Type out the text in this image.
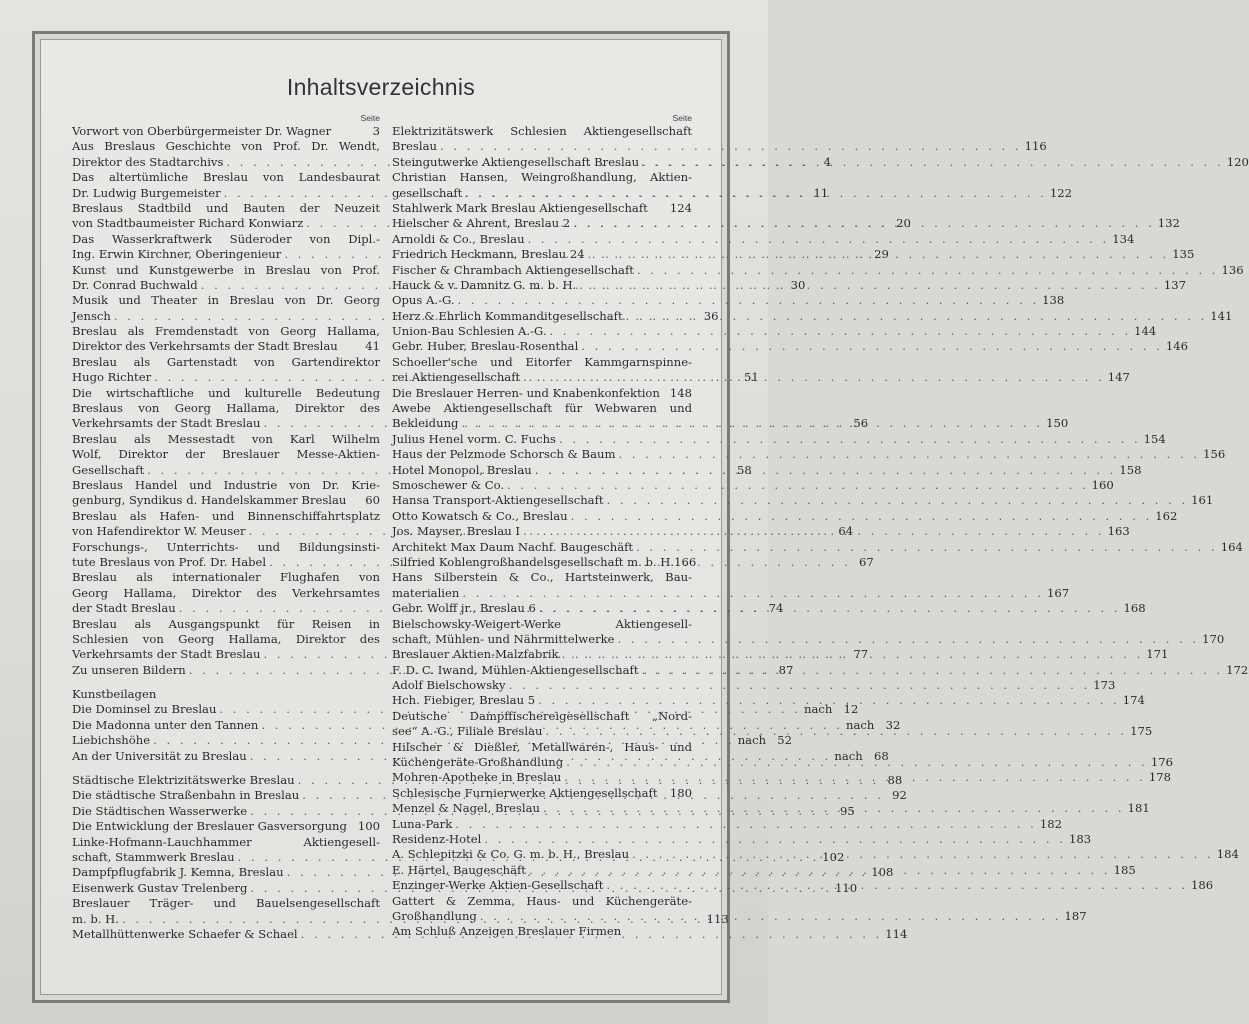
Inhaltsverzeichnis
Seite
Vorwort von Oberbürgermeister Dr. Wagner	3
Aus Breslaus Geschichte von Prof. Dr. Wendt,
Direktor des Stadtarchivs . . .	4
Das altertümliche Breslau von Landesbaurat
Dr. Ludwig Burgemeister . . .	11
Breslaus Stadtbild und Bauten der Neuzeit
von Stadtbaumeister Richard Konwiarz . . .	20
Das Wasserkraftwerk Süderoder von Dipl.-
Ing. Erwin Kirchner, Oberingenieur . . .	29
Kunst und Kunstgewerbe in Breslau von Prof.
Dr. Conrad Buchwald . . .	30
Musik und Theater in Breslau von Dr. Georg
Jensch . . .	36
Breslau als Fremdenstadt von Georg Hallama,
Direktor des Verkehrsamts der Stadt Breslau	41
Breslau als Gartenstadt von Gartendirektor
Hugo Richter . . .	51
Die wirtschaftliche und kulturelle Bedeutung
Breslaus von Georg Hallama, Direktor des
Verkehrsamts der Stadt Breslau . . .	56
Breslau als Messestadt von Karl Wilhelm
Wolf, Direktor der Breslauer Messe-Aktien-
Gesellschaft . . .	58
Breslaus Handel und Industrie von Dr. Krie-
genburg, Syndikus d. Handelskammer Breslau	60
Breslau als Hafen- und Binnenschiffahrtsplatz
von Hafendirektor W. Meuser . . .	64
Forschungs-, Unterrichts- und Bildungsinsti-
tute Breslaus von Prof. Dr. Habel . . .	67
Breslau als internationaler Flughafen von
Georg Hallama, Direktor des Verkehrsamtes
der Stadt Breslau . . .	74
Breslau als Ausgangspunkt für Reisen in
Schlesien von Georg Hallama, Direktor des
Verkehrsamts der Stadt Breslau . . .	77
Zu unseren Bildern . . .	87
Kunstbeilagen
Die Dominsel zu Breslau . . .	nach 12
Die Madonna unter den Tannen . . .	nach 32
Liebichshöhe . . .	nach 52
An der Universität zu Breslau . . .	nach 68
Städtische Elektrizitätswerke Breslau . . .	88
Die städtische Straßenbahn in Breslau . . .	92
Die Städtischen Wasserwerke . . .	95
Die Entwicklung der Breslauer Gasversorgung 100
Linke-Hofmann-Lauchhammer Aktiengesell-
schaft, Stammwerk Breslau . . .	102
Dampfpflugfabrik J. Kemna, Breslau . . .	108
Eisenwerk Gustav Trelenberg . . .	110
Breslauer Träger- und Bauelsengesellschaft
m. b. H. . . .	113
Metallhüttenwerke Schaefer & Schael . . .	114
Seite
Elektrizitätswerk Schlesien Aktiengesellschaft
Breslau . . .	116
Steingutwerke Aktiengesellschaft Breslau . . .	120
Christian Hansen, Weingroßhandlung, Aktien-
gesellschaft . . .	122
Stahlwerk Mark Breslau Aktiengesellschaft 124
Hielscher & Ahrent, Breslau 2 . . .	132
Arnoldi & Co., Breslau . . .	134
Friedrich Heckmann, Breslau 24 . . .	135
Fischer & Chrambach Aktiengesellschaft . . .	136
Hauck & v. Damnitz G. m. b. H. . . .	137
Opus A.-G. . . .	138
Herz & Ehrlich Kommanditgesellschaft . . .	141
Union-Bau Schlesien A.-G. . . .	144
Gebr. Huber, Breslau-Rosenthal . . .	146
Schoeller'sche und Eitorfer Kammgarnspinne-
rei Aktiengesellschaft . . .	147
Die Breslauer Herren- und Knabenkonfektion 148
Awebe Aktiengesellschaft für Webwaren und
Bekleidung . . .	150
Julius Henel vorm. C. Fuchs . . .	154
Haus der Pelzmode Schorsch & Baum . . .	156
Hotel Monopol, Breslau . . .	158
Smoschewer & Co. . . .	160
Hansa Transport-Aktiengesellschaft . . .	161
Otto Kowatsch & Co., Breslau . . .	162
Jos. Mayser, Breslau I . . .	163
Architekt Max Daum Nachf. Baugeschäft . . .	164
Silfried Kohlengroßhandelsgesellschaft m. b. H. 166
Hans Silberstein & Co., Hartsteinwerk, Bau-
materialien . . .	167
Gebr. Wolff jr., Breslau 6 . . .	168
Bielschowsky-Weigert-Werke Aktiengesell-
schaft, Mühlen- und Nährmittelwerke . . .	170
Breslauer Aktien-Malzfabrik . . .	171
F. D. C. Iwand, Mühlen-Aktiengesellschaft . . .	172
Adolf Bielschowsky . . .	173
Hch. Fiebiger, Breslau 5 . . .	174
Deutsche Dampffischereigesellschaft „Nord-
see“ A.-G., Filiale Breslau . . .	175
Hilscher & Dießler, Metallwaren-, Haus- und
Küchengeräte-Großhandlung . . .	176
Mohren-Apotheke in Breslau . . .	178
Schlesische Furnierwerke Aktiengesellschaft 180
Menzel & Nagel, Breslau . . .	181
Luna-Park . . .	182
Residenz-Hotel . . .	183
A. Schlepitzki & Co. G. m. b. H., Breslau . . .	184
E. Härtel, Baugeschäft . . .	185
Enzinger-Werke Aktien-Gesellschaft . . .	186
Gattert & Zemma, Haus- und Küchengeräte-
Großhandlung . . .	187
Am Schluß Anzeigen Breslauer Firmen
